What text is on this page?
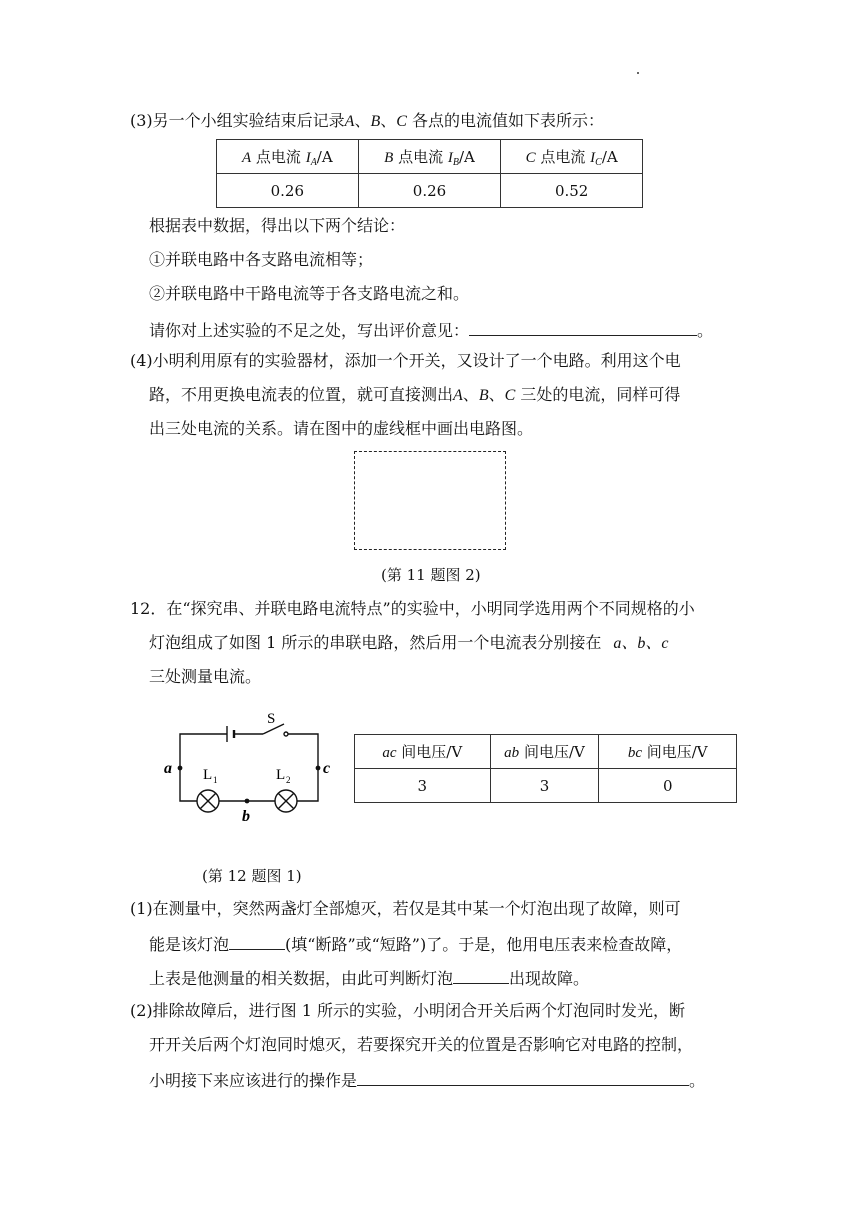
(3)另一个小组实验结束后记录A、B、C 各点的电流值如下表所示：
A 点电流 $I_A/A$	B 点电流 $I_B/A$	C 点电流 $I_C/A$
0.26	0.26	0.52
根据表中数据，得出以下两个结论：
①并联电路中各支路电流相等；
②并联电路中干路电流等于各支路电流之和。
请你对上述实验的不足之处，写出评价意见：	。
(4)小明利用原有的实验器材，添加一个开关，又设计了一个电路。利用这个电
路，不用更换电流表的位置，就可直接测出A、B、C 三处的电流，同样可得
出三处电流的关系。请在图中的虚线框中画出电路图。
(第 11 题图 2)
12．在“探究串、并联电路电流特点”的实验中，小明同学选用两个不同规格的小
灯泡组成了如图 1 所示的串联电路，然后用一个电流表分别接在 a、b、c
三处测量电流。
S
a	c
b
L 1	L 2
ac 间电压/V	ab 间电压/V	bc 间电压/V
3	3	0
(第 12 题图 1)
(1)在测量中，突然两盏灯全部熄灭，若仅是其中某一个灯泡出现了故障，则可
能是该灯泡	(填“断路”或“短路”)了。于是，他用电压表来检查故障，
上表是他测量的相关数据，由此可判断灯泡	出现故障。
(2)排除故障后，进行图 1 所示的实验，小明闭合开关后两个灯泡同时发光，断
开开关后两个灯泡同时熄灭，若要探究开关的位置是否影响它对电路的控制，
小明接下来应该进行的操作是	。
